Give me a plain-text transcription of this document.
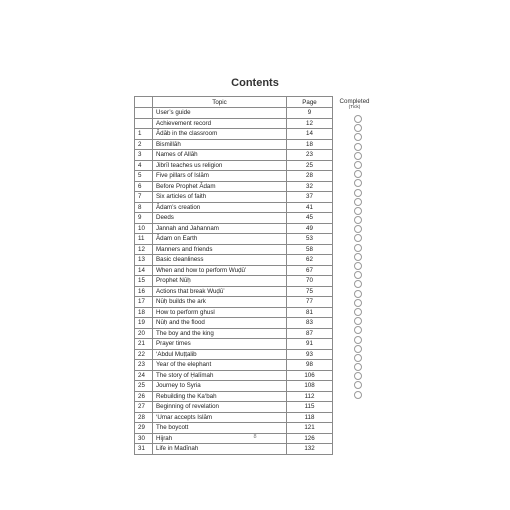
Contents
	Topic	Page
	User’s guide	9
	Achievement record	12
1	Ādāb in the classroom	14
2	Bismillāh	18
3	Names of Allāh	23
4	Jibrīl teaches us religion	25
5	Five pillars of Islām	28
6	Before Prophet Ādam	32
7	Six articles of faith	37
8	Ādam’s creation	41
9	Deeds	45
10	Jannah and Jahannam	49
11	Ādam on Earth	53
12	Manners and friends	58
13	Basic cleanliness	62
14	When and how to perform Wuḍū’	67
15	Prophet Nūḥ	70
16	Actions that break Wuḍū’	75
17	Nūḥ builds the ark	77
18	How to perform ghusl	81
19	Nūḥ and the flood	83
20	The boy and the king	87
21	Prayer times	91
22	‘Abdul Muṭṭalib	93
23	Year of the elephant	98
24	The story of Ḥalīmah	106
25	Journey to Syria	108
26	Rebuilding the Ka‘bah	112
27	Beginning of revelation	115
28	‘Umar accepts Islām	118
29	The boycott	121
30	Hijrah	126
31	Life in Madīnah	132
Completed
(Tick)
8
